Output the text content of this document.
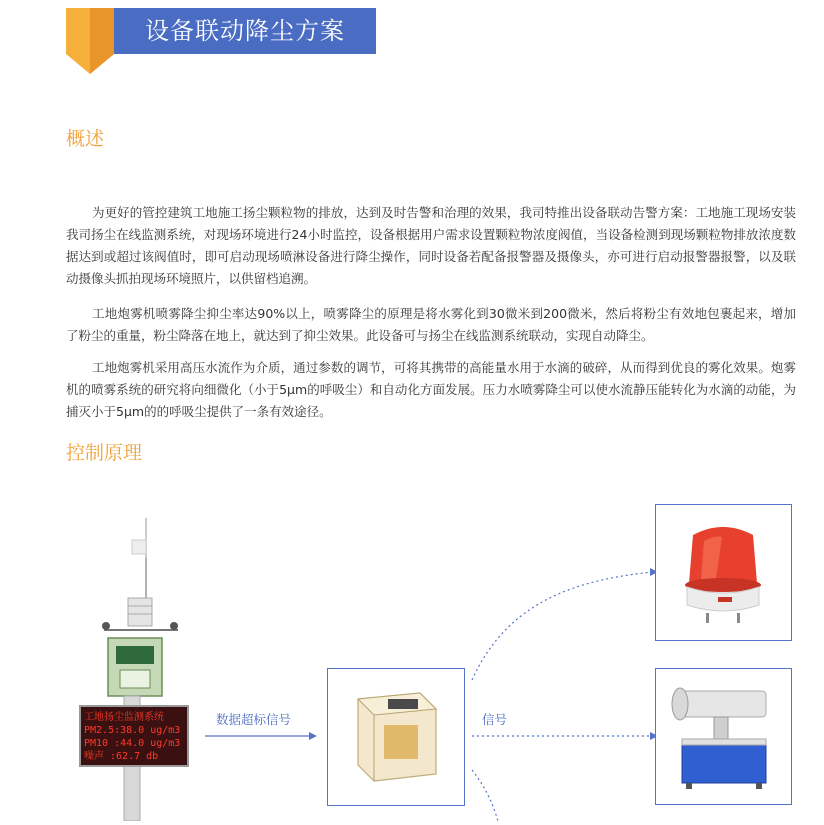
设备联动降尘方案
概述

为更好的管控建筑工地施工扬尘颗粒物的排放，达到及时告警和治理的效果，我司特推出设备联动告警方案：工地施工现场安装我司扬尘在线监测系统，对现场环境进行24小时监控，设备根据用户需求设置颗粒物浓度阀值，当设备检测到现场颗粒物排放浓度数据达到或超过该阀值时，即可启动现场喷淋设备进行降尘操作，同时设备若配备报警器及摄像头，亦可进行启动报警器报警，以及联动摄像头抓拍现场环境照片，以供留档追溯。

工地炮雾机喷雾降尘抑尘率达90%以上，喷雾降尘的原理是将水雾化到30微米到200微米，然后将粉尘有效地包裹起来，增加了粉尘的重量，粉尘降落在地上，就达到了抑尘效果。此设备可与扬尘在线监测系统联动，实现自动降尘。

工地炮雾机采用高压水流作为介质，通过参数的调节，可将其携带的高能量水用于水滴的破碎，从而得到优良的雾化效果。炮雾机的喷雾系统的研究将向细微化（小于5μm的呼吸尘）和自动化方面发展。压力水喷雾降尘可以使水流静压能转化为水滴的动能，为捕灭小于5μm的的呼吸尘提供了一条有效途径。

控制原理
工地扬尘监测系统
PM2.5:38.0 ug/m3
PM10 :44.0 ug/m3
噪声 :62.7 db
数据超标信号	信号
